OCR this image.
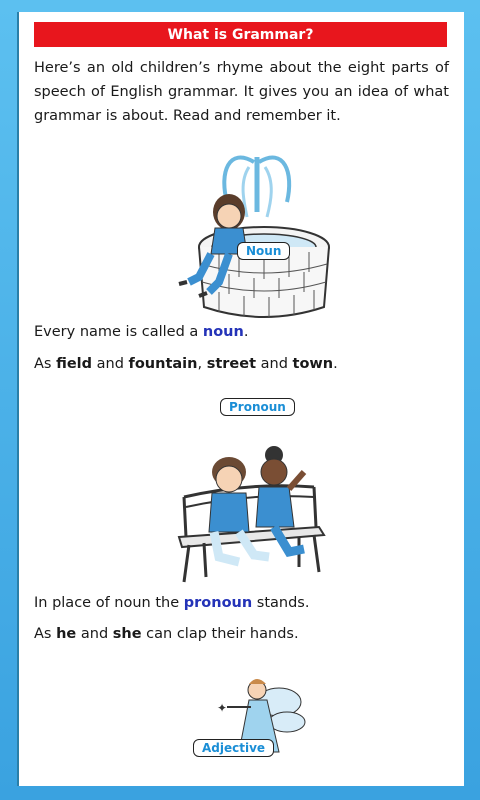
What is Grammar?

Here’s an old children’s rhyme about the eight parts of speech of English grammar. It gives you an idea of what grammar is about. Read and remember it.

Noun
Every name is called a noun.
As field and fountain, street and town.
Pronoun
In place of noun the pronoun stands.
As he and she can clap their hands.
✦
Adjective
